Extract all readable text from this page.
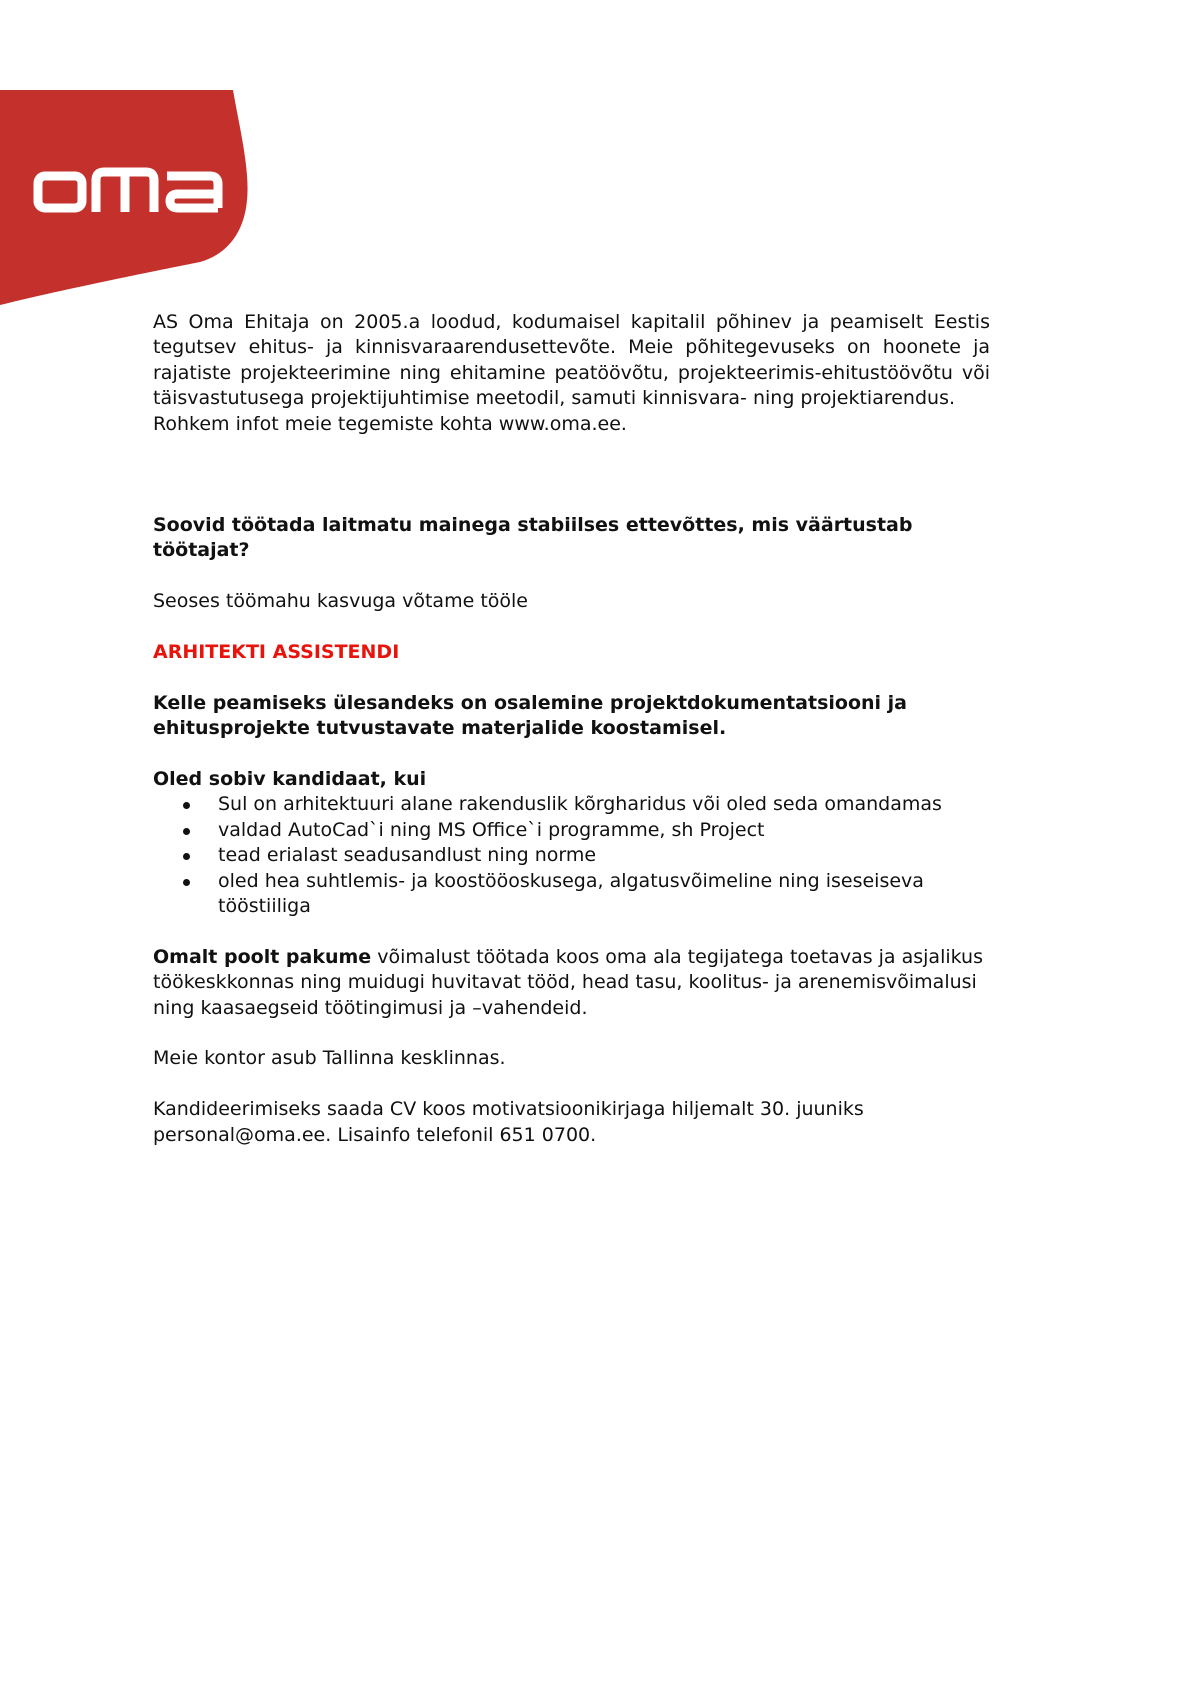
AS Oma Ehitaja on 2005.a loodud, kodumaisel kapitalil põhinev ja peamiselt Eestis tegutsev ehitus- ja kinnisvaraarendusettevõte. Meie põhitegevuseks on hoonete ja rajatiste projekteerimine ning ehitamine peatöövõtu, projekteerimis-ehitustöövõtu või täisvastutusega projektijuhtimise meetodil, samuti kinnisvara- ning projektiarendus.
Rohkem infot meie tegemiste kohta www.oma.ee.

Soovid töötada laitmatu mainega stabiilses ettevõttes, mis väärtustab töötajat?

Seoses töömahu kasvuga võtame tööle

ARHITEKTI ASSISTENDI

Kelle peamiseks ülesandeks on osalemine projektdokumentatsiooni ja
ehitusprojekte tutvustavate materjalide koostamisel.

Oled sobiv kandidaat, kui

Sul on arhitektuuri alane rakenduslik kõrgharidus või oled seda omandamas
valdad AutoCad`i ning MS Office`i programme, sh Project
tead erialast seadusandlust ning norme
oled hea suhtlemis- ja koostööoskusega, algatusvõimeline ning iseseiseva tööstiiliga

Omalt poolt pakume võimalust töötada koos oma ala tegijatega toetavas ja asjalikus töökeskkonnas ning muidugi huvitavat tööd, head tasu, koolitus- ja arenemisvõimalusi ning kaasaegseid töötingimusi ja –vahendeid.

Meie kontor asub Tallinna kesklinnas.

Kandideerimiseks saada CV koos motivatsioonikirjaga hiljemalt 30. juuniks
personal@oma.ee. Lisainfo telefonil 651 0700.
